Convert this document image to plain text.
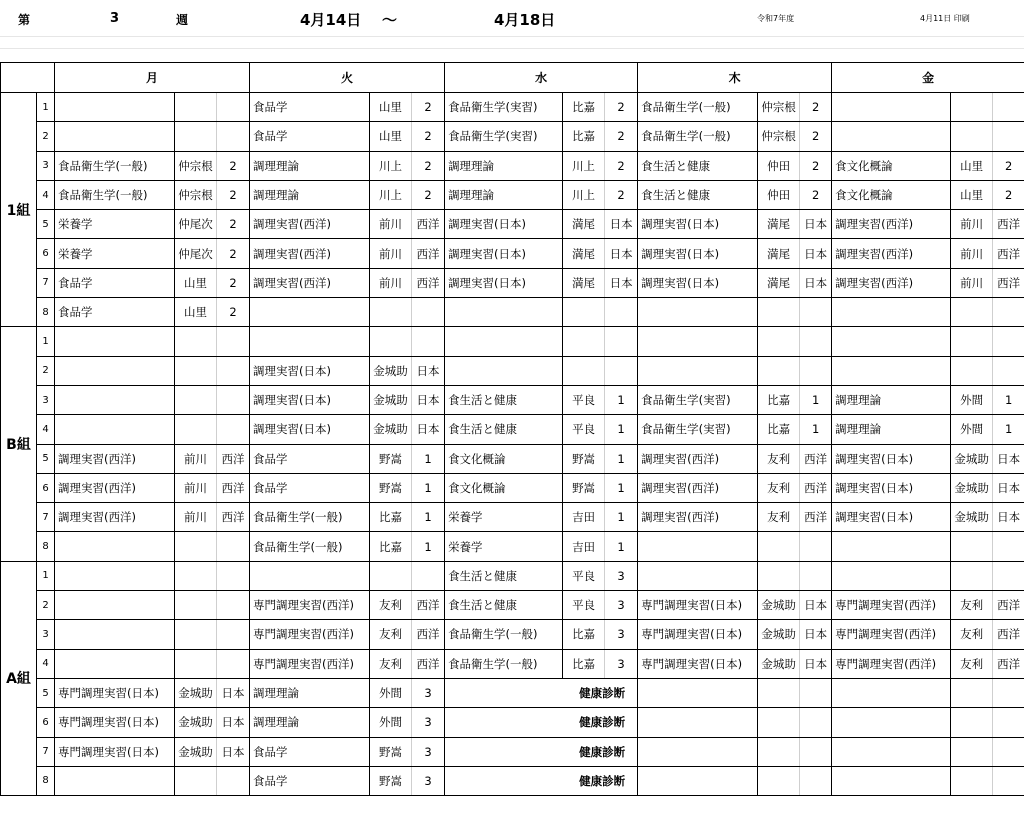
第	3	週	4月14日 ～	4月18日	令和7年度	4月11日 印刷
		月			火			水			木			金		
1組	1				食品学	山里	2	食品衛生学(実習)	比嘉	2	食品衛生学(一般)	仲宗根	2			
	2				食品学	山里	2	食品衛生学(実習)	比嘉	2	食品衛生学(一般)	仲宗根	2			
	3	食品衛生学(一般)	仲宗根	2	調理理論	川上	2	調理理論	川上	2	食生活と健康	仲田	2	食文化概論	山里	2
	4	食品衛生学(一般)	仲宗根	2	調理理論	川上	2	調理理論	川上	2	食生活と健康	仲田	2	食文化概論	山里	2
	5	栄養学	仲尾次	2	調理実習(西洋)	前川	西洋	調理実習(日本)	満尾	日本	調理実習(日本)	満尾	日本	調理実習(西洋)	前川	西洋
	6	栄養学	仲尾次	2	調理実習(西洋)	前川	西洋	調理実習(日本)	満尾	日本	調理実習(日本)	満尾	日本	調理実習(西洋)	前川	西洋
	7	食品学	山里	2	調理実習(西洋)	前川	西洋	調理実習(日本)	満尾	日本	調理実習(日本)	満尾	日本	調理実習(西洋)	前川	西洋
	8	食品学	山里	2												
B組	1															
	2				調理実習(日本)	金城助	日本									
	3				調理実習(日本)	金城助	日本	食生活と健康	平良	1	食品衛生学(実習)	比嘉	1	調理理論	外間	1
	4				調理実習(日本)	金城助	日本	食生活と健康	平良	1	食品衛生学(実習)	比嘉	1	調理理論	外間	1
	5	調理実習(西洋)	前川	西洋	食品学	野嵩	1	食文化概論	野嵩	1	調理実習(西洋)	友利	西洋	調理実習(日本)	金城助	日本
	6	調理実習(西洋)	前川	西洋	食品学	野嵩	1	食文化概論	野嵩	1	調理実習(西洋)	友利	西洋	調理実習(日本)	金城助	日本
	7	調理実習(西洋)	前川	西洋	食品衛生学(一般)	比嘉	1	栄養学	吉田	1	調理実習(西洋)	友利	西洋	調理実習(日本)	金城助	日本
	8				食品衛生学(一般)	比嘉	1	栄養学	吉田	1						
A組	1							食生活と健康	平良	3						
	2				専門調理実習(西洋)	友利	西洋	食生活と健康	平良	3	専門調理実習(日本)	金城助	日本	専門調理実習(西洋)	友利	西洋
	3				専門調理実習(西洋)	友利	西洋	食品衛生学(一般)	比嘉	3	専門調理実習(日本)	金城助	日本	専門調理実習(西洋)	友利	西洋
	4				専門調理実習(西洋)	友利	西洋	食品衛生学(一般)	比嘉	3	専門調理実習(日本)	金城助	日本	専門調理実習(西洋)	友利	西洋
	5	専門調理実習(日本)	金城助	日本	調理理論	外間	3	健康診断								
	6	専門調理実習(日本)	金城助	日本	調理理論	外間	3	健康診断								
	7	専門調理実習(日本)	金城助	日本	食品学	野嵩	3	健康診断								
	8				食品学	野嵩	3	健康診断								
